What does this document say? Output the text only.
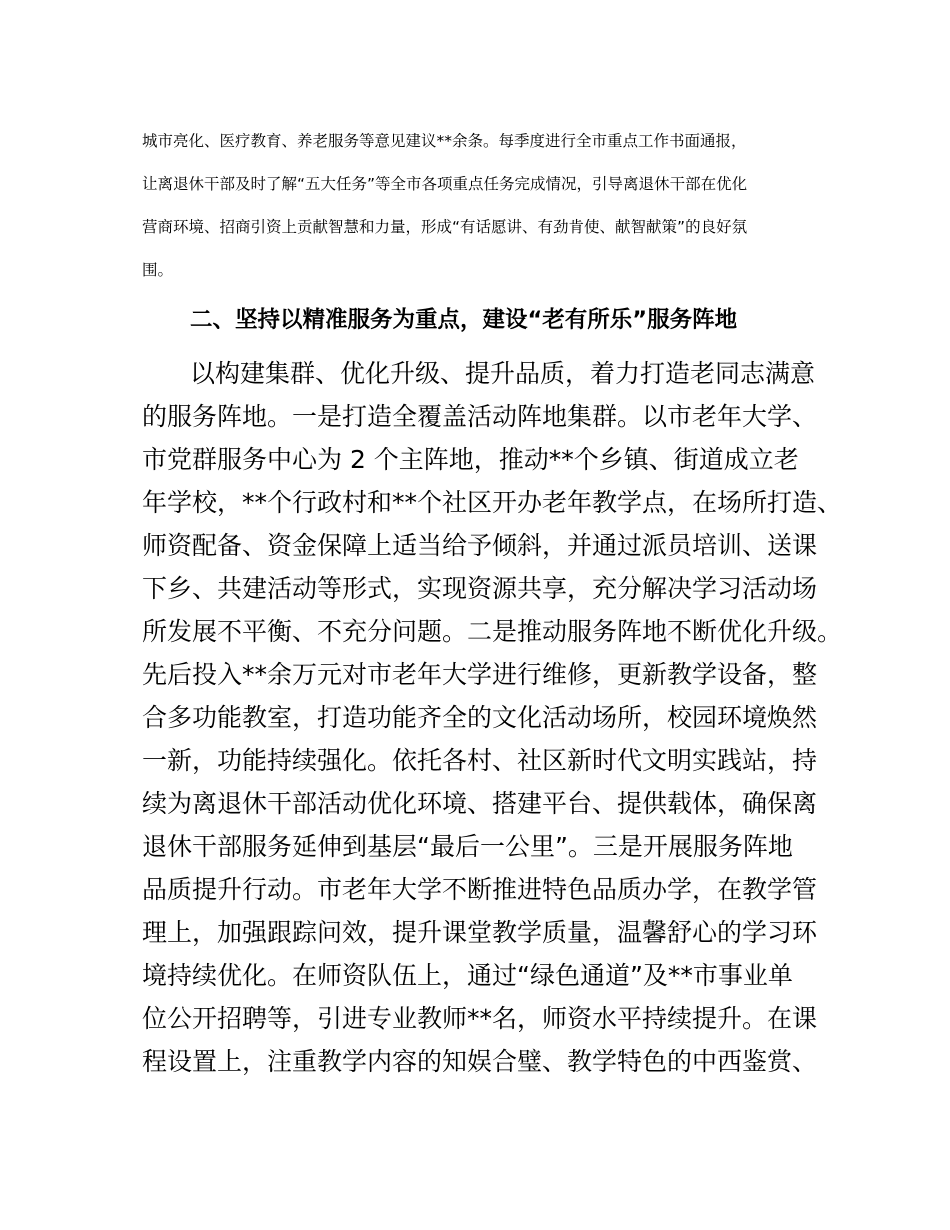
城市亮化、医疗教育、养老服务等意见建议**余条。每季度进行全市重点工作书面通报，

让离退休干部及时了解“五大任务”等全市各项重点任务完成情况，引导离退休干部在优化

营商环境、招商引资上贡献智慧和力量，形成“有话愿讲、有劲肯使、献智献策”的良好氛

围。

二、坚持以精准服务为重点，建设“老有所乐”服务阵地

以构建集群、优化升级、提升品质，着力打造老同志满意

的服务阵地。一是打造全覆盖活动阵地集群。以市老年大学、

市党群服务中心为 2 个主阵地，推动**个乡镇、街道成立老

年学校，**个行政村和**个社区开办老年教学点，在场所打造、

师资配备、资金保障上适当给予倾斜，并通过派员培训、送课

下乡、共建活动等形式，实现资源共享，充分解决学习活动场

所发展不平衡、不充分问题。二是推动服务阵地不断优化升级。

先后投入**余万元对市老年大学进行维修，更新教学设备，整

合多功能教室，打造功能齐全的文化活动场所，校园环境焕然

一新，功能持续强化。依托各村、社区新时代文明实践站，持

续为离退休干部活动优化环境、搭建平台、提供载体，确保离

退休干部服务延伸到基层“最后一公里”。三是开展服务阵地

品质提升行动。市老年大学不断推进特色品质办学，在教学管

理上，加强跟踪问效，提升课堂教学质量，温馨舒心的学习环

境持续优化。在师资队伍上，通过“绿色通道”及**市事业单

位公开招聘等，引进专业教师**名，师资水平持续提升。在课

程设置上，注重教学内容的知娱合璧、教学特色的中西鉴赏、
